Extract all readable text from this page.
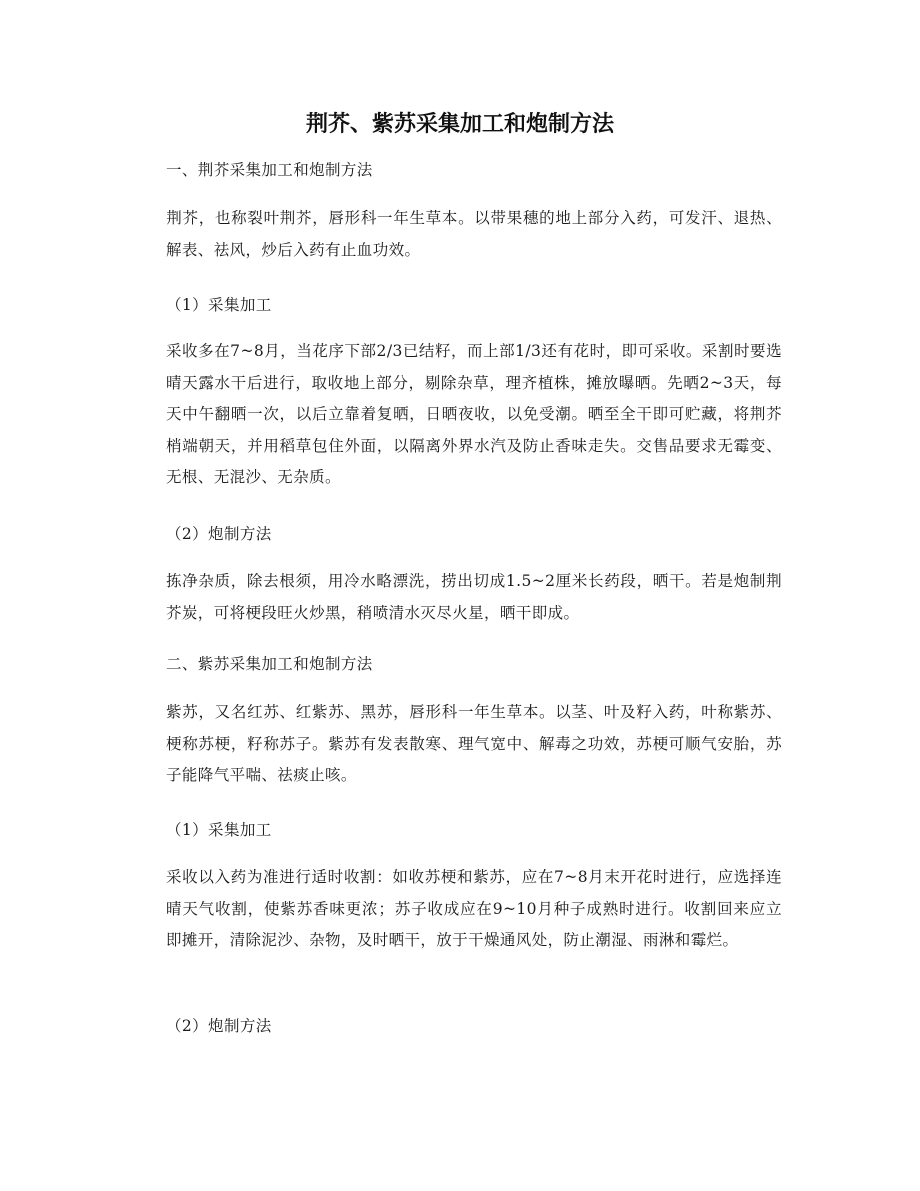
荆芥、紫苏采集加工和炮制方法

一、荆芥采集加工和炮制方法

荆芥，也称裂叶荆芥，唇形科一年生草本。以带果穗的地上部分入药，可发汗、退热、解表、祛风，炒后入药有止血功效。

（1）采集加工

采收多在7~8月，当花序下部2/3已结籽，而上部1/3还有花时，即可采收。采割时要选晴天露水干后进行，取收地上部分，剔除杂草，理齐植株，摊放曝晒。先晒2~3天，每天中午翻晒一次，以后立靠着复晒，日晒夜收，以免受潮。晒至全干即可贮藏，将荆芥梢端朝天，并用稻草包住外面，以隔离外界水汽及防止香味走失。交售品要求无霉变、无根、无混沙、无杂质。

（2）炮制方法

拣净杂质，除去根须，用冷水略漂洗，捞出切成1.5~2厘米长药段，晒干。若是炮制荆芥炭，可将梗段旺火炒黑，稍喷清水灭尽火星，晒干即成。

二、紫苏采集加工和炮制方法

紫苏，又名红苏、红紫苏、黑苏，唇形科一年生草本。以茎、叶及籽入药，叶称紫苏、梗称苏梗，籽称苏子。紫苏有发表散寒、理气宽中、解毒之功效，苏梗可顺气安胎，苏子能降气平喘、祛痰止咳。

（1）采集加工

采收以入药为准进行适时收割：如收苏梗和紫苏，应在7~8月末开花时进行，应选择连晴天气收割，使紫苏香味更浓；苏子收成应在9~10月种子成熟时进行。收割回来应立即摊开，清除泥沙、杂物，及时晒干，放于干燥通风处，防止潮湿、雨淋和霉烂。

（2）炮制方法
